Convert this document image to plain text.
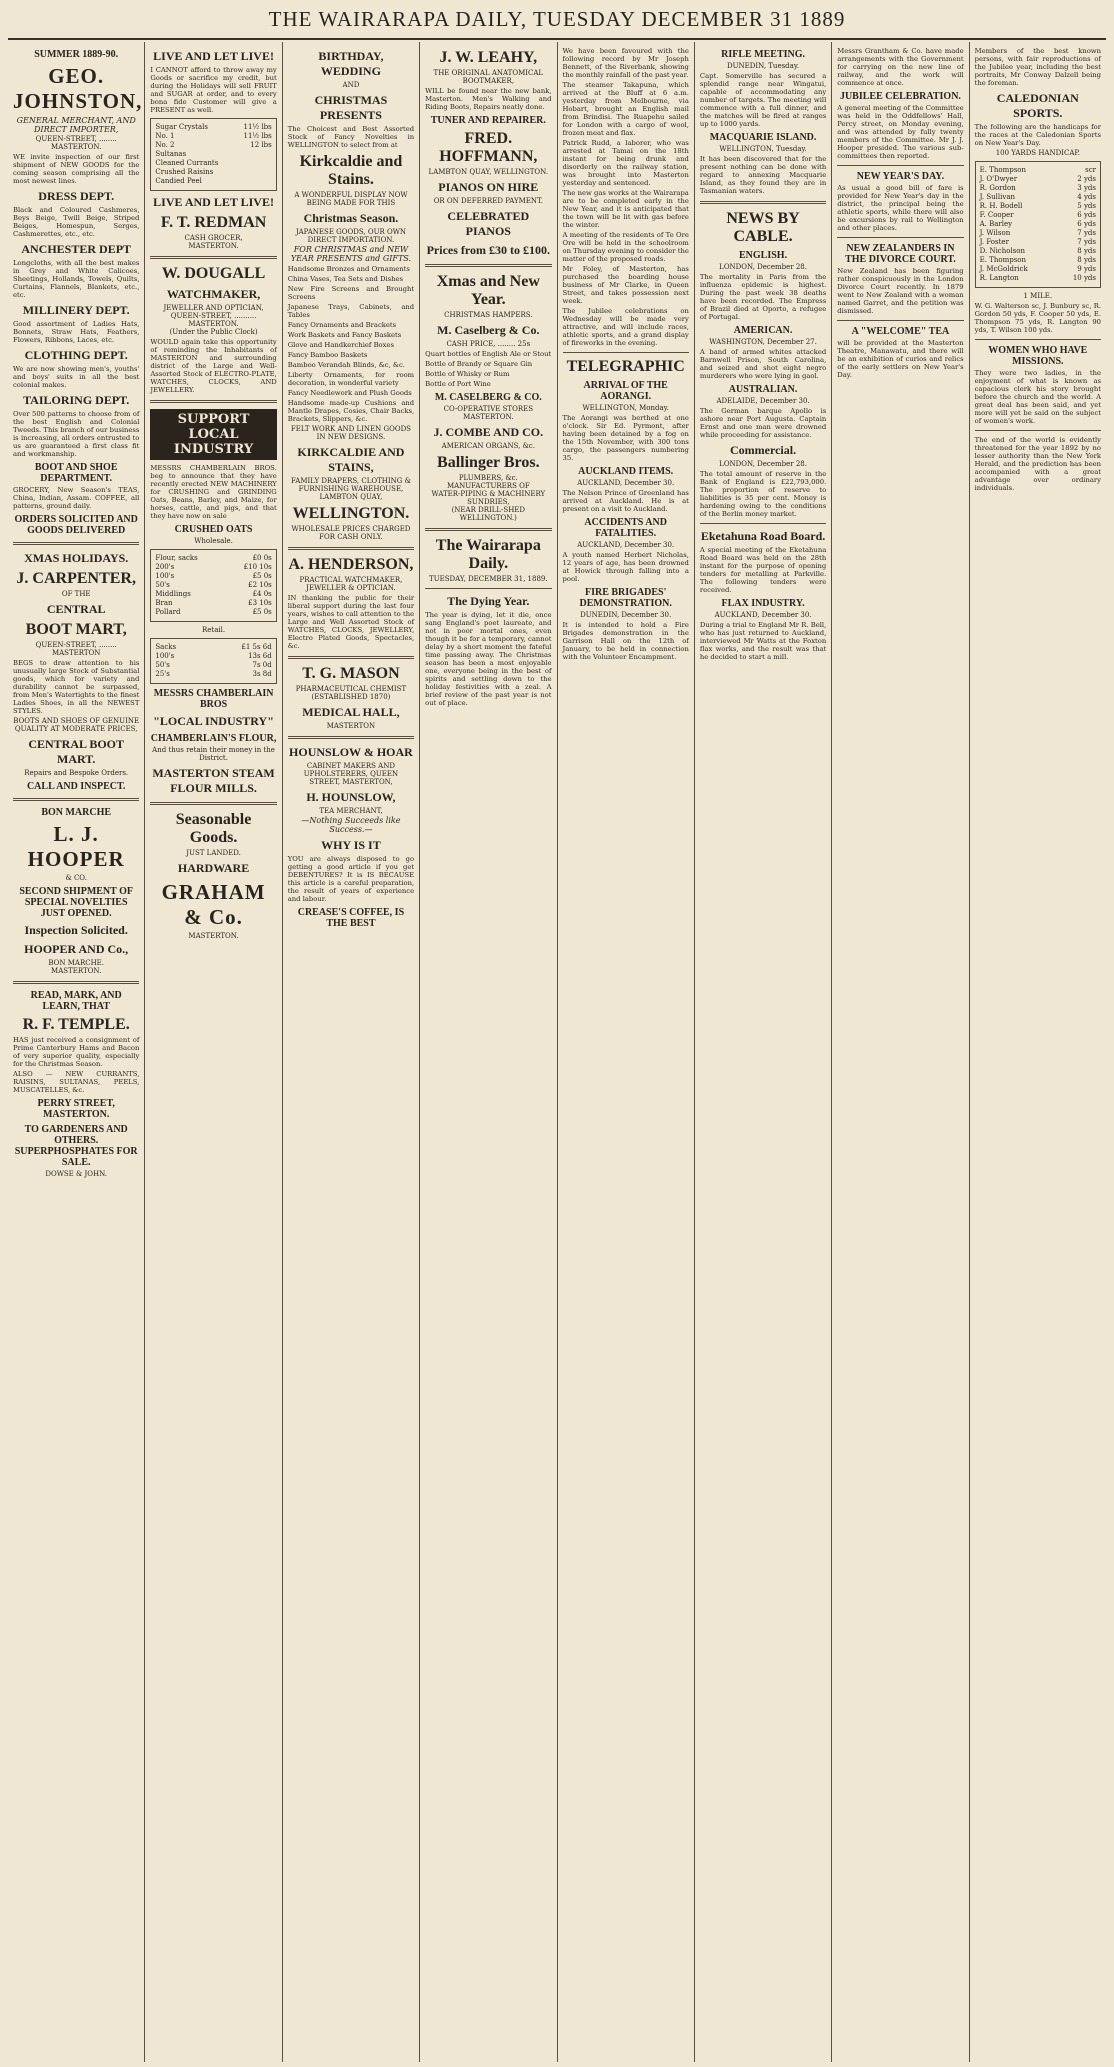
THE WAIRARAPA DAILY, TUESDAY DECEMBER 31 1889
SUMMER 1889-90.
GEO. JOHNSTON,
GENERAL MERCHANT, AND DIRECT IMPORTER,
QUEEN-STREET, ........ MASTERTON.
WE invite inspection of our first shipment of NEW GOODS for the coming season comprising all the most newest lines.
DRESS DEPT.
Black and Coloured Cashmeres, Beys Beige, Twill Beige, Striped Beiges, Homespun, Serges, Cashmerettes, etc., etc.
ANCHESTER DEPT
Longcloths, with all the best makes in Grey and White Calicoes, Sheetings, Hollands, Towels, Quilts, Curtains, Flannels, Blankets, etc., etc.
MILLINERY DEPT.
Good assortment of Ladies Hats, Bonnets, Straw Hats, Feathers, Flowers, Ribbons, Laces, etc.
CLOTHING DEPT.
We are now showing men's, youths' and boys' suits in all the best colonial makes.
TAILORING DEPT.
Over 500 patterns to choose from of the best English and Colonial Tweeds. This branch of our business is increasing, all orders entrusted to us are guaranteed a first class fit and workmanship.
BOOT AND SHOE DEPARTMENT.
GROCERY, New Season's TEAS, China, Indian, Assam. COFFEE, all patterns, ground daily.
ORDERS SOLICITED AND GOODS DELIVERED
XMAS HOLIDAYS.
J. CARPENTER,
OF THE
CENTRAL
BOOT MART,
QUEEN-STREET, ........ MASTERTON
BEGS to draw attention to his unusually large Stock of Substantial goods, which for variety and durability cannot be surpassed, from Men's Watertights to the finest Ladies Shoes, in all the NEWEST STYLES.
BOOTS AND SHOES OF GENUINE QUALITY AT MODERATE PRICES,
CENTRAL BOOT MART.
Repairs and Bespoke Orders.
CALL AND INSPECT.
BON MARCHE
L. J. HOOPER
& CO.
SECOND SHIPMENT OF SPECIAL NOVELTIES JUST OPENED.
Inspection Solicited.
HOOPER AND Co.,
BON MARCHE.
MASTERTON.
READ, MARK, AND LEARN, THAT
R. F. TEMPLE.
HAS just received a consignment of Prime Canterbury Hams and Bacon of very superior quality, especially for the Christmas Season.
ALSO — NEW CURRANTS, RAISINS, SULTANAS, PEELS, MUSCATELLES, &c.
PERRY STREET, MASTERTON.
TO GARDENERS AND OTHERS. SUPERPHOSPHATES FOR SALE.
DOWSE & JOHN.
LIVE AND LET LIVE!
I CANNOT afford to throw away my Goods or sacrifice my credit, but during the Holidays will sell FRUIT and SUGAR at order, and to every bona fide Customer will give a PRESENT as well.
Sugar Crystals	11½ lbs
No. 1	11½ lbs
No. 2	12 lbs
Sultanas
Cleaned Currants
Crushed Raisins
Candied Peel
LIVE AND LET LIVE!
F. T. REDMAN
CASH GROCER,
MASTERTON.
W. DOUGALL
WATCHMAKER,
JEWELLER AND OPTICIAN,
QUEEN-STREET, .......... MASTERTON.
(Under the Public Clock)
WOULD again take this opportunity of reminding the Inhabitants of MASTERTON and surrounding district of the Large and Well-Assorted Stock of ELECTRO-PLATE, WATCHES, CLOCKS, AND JEWELLERY.
SUPPORT LOCAL INDUSTRY
MESSRS CHAMBERLAIN BROS. beg to announce that they have recently erected NEW MACHINERY for CRUSHING and GRINDING Oats, Beans, Barley, and Maize, for horses, cattle, and pigs, and that they have now on sale
CRUSHED OATS
Wholesale.
Flour, sacks	£0 0s
200's	£10 10s
100's	£5 0s
50's	£2 10s
Middlings	£4 0s
Bran	£3 10s
Pollard	£5 0s
Retail.
Sacks	£1 5s 6d
100's	13s 6d
50's	7s 0d
25's	3s 8d
MESSRS CHAMBERLAIN BROS
"LOCAL INDUSTRY"
CHAMBERLAIN'S FLOUR,
And thus retain their money in the District.
MASTERTON STEAM FLOUR MILLS.
Seasonable Goods.
JUST LANDED.
HARDWARE
GRAHAM & Co.
MASTERTON.
BIRTHDAY, WEDDING
AND
CHRISTMAS PRESENTS
The Choicest and Best Assorted Stock of Fancy Novelties in WELLINGTON to select from at
Kirkcaldie and Stains.
A WONDERFUL DISPLAY NOW BEING MADE FOR THIS
Christmas Season.
JAPANESE GOODS, OUR OWN DIRECT IMPORTATION.
FOR CHRISTMAS and NEW YEAR PRESENTS and GIFTS.
Handsome Bronzes and Ornaments
China Vases, Tea Sets and Dishes
New Fire Screens and Brought Screens
Japanese Trays, Cabinets, and Tables
Fancy Ornaments and Brackets
Work Baskets and Fancy Baskets
Glove and Handkerchief Boxes
Fancy Bamboo Baskets
Bamboo Verandah Blinds, &c, &c.
Liberty Ornaments, for room decoration, in wonderful variety
Fancy Needlework and Plush Goods
Handsome made-up Cushions and Mantle Drapes, Cosies, Chair Backs, Brackets, Slippers, &c.
FELT WORK AND LINEN GOODS IN NEW DESIGNS.
KIRKCALDIE AND STAINS,
FAMILY DRAPERS, CLOTHING & FURNISHING WAREHOUSE,
LAMBTON QUAY,
WELLINGTON.
WHOLESALE PRICES CHARGED FOR CASH ONLY.
A. HENDERSON,
PRACTICAL WATCHMAKER, JEWELLER & OPTICIAN.
IN thanking the public for their liberal support during the last four years, wishes to call attention to the Large and Well Assorted Stock of WATCHES, CLOCKS, JEWELLERY, Electro Plated Goods, Spectacles, &c.
T. G. MASON
PHARMACEUTICAL CHEMIST
(ESTABLISHED 1870)
MEDICAL HALL,
MASTERTON
HOUNSLOW & HOAR
CABINET MAKERS AND UPHOLSTERERS, QUEEN STREET, MASTERTON,
H. HOUNSLOW,
TEA MERCHANT,
—Nothing Succeeds like Success.—
WHY IS IT
YOU are always disposed to go getting a good article if you get DEBENTURES? It is IS BECAUSE this article is a careful preparation, the result of years of experience and labour.
CREASE'S COFFEE, IS THE BEST
J. W. LEAHY,
THE ORIGINAL ANATOMICAL BOOTMAKER,
WILL be found near the new bank, Masterton. Men's Walking and Riding Boots, Repairs neatly done.
TUNER AND REPAIRER.
FRED. HOFFMANN,
LAMBTON QUAY, WELLINGTON.
PIANOS ON HIRE
OR ON DEFERRED PAYMENT.
CELEBRATED PIANOS
Prices from £30 to £100.
Xmas and New Year.
CHRISTMAS HAMPERS.
M. Caselberg & Co.
CASH PRICE, ........ 25s
Quart bottles of English Ale or Stout
Bottle of Brandy or Square Gin
Bottle of Whisky or Rum
Bottle of Port Wine
M. CASELBERG & CO.
CO-OPERATIVE STORES
MASTERTON.
J. COMBE AND CO.
AMERICAN ORGANS, &c.
Ballinger Bros.
PLUMBERS, &c.
MANUFACTURERS OF
WATER-PIPING & MACHINERY SUNDRIES,
(NEAR DRILL-SHED WELLINGTON.)
The Wairarapa Daily.
TUESDAY, DECEMBER 31, 1889.
The Dying Year.
The year is dying, let it die, once sang England's poet laureate, and not in poor mortal ones, even though it be for a temporary, cannot delay by a short moment the fateful time passing away. The Christmas season has been a most enjoyable one, everyone being in the best of spirits and settling down to the holiday festivities with a zeal. A brief review of the past year is not out of place.
We have been favoured with the following record by Mr Joseph Bennett, of the Riverbank, showing the monthly rainfall of the past year.
The steamer Takapuna, which arrived at the Bluff at 6 a.m. yesterday from Melbourne, via Hobart, brought an English mail from Brindisi. The Ruapehu sailed for London with a cargo of wool, frozen meat and flax.
Patrick Rudd, a laborer, who was arrested at Tamai on the 18th instant for being drunk and disorderly on the railway station, was brought into Masterton yesterday and sentenced.
The new gas works at the Wairarapa are to be completed early in the New Year, and it is anticipated that the town will be lit with gas before the winter.
A meeting of the residents of Te Ore Ore will be held in the schoolroom on Thursday evening to consider the matter of the proposed roads.
Mr Foley, of Masterton, has purchased the boarding house business of Mr Clarke, in Queen Street, and takes possession next week.
The Jubilee celebrations on Wednesday will be made very attractive, and will include races, athletic sports, and a grand display of fireworks in the evening.
TELEGRAPHIC
ARRIVAL OF THE AORANGI.
WELLINGTON, Monday.
The Aorangi was berthed at one o'clock. Sir Ed. Pyrmont, after having been detained by a fog on the 15th November, with 300 tons cargo, the passengers numbering 35.
AUCKLAND ITEMS.
AUCKLAND, December 30.
The Nelson Prince of Greenland has arrived at Auckland. He is at present on a visit to Auckland.
ACCIDENTS AND FATALITIES.
AUCKLAND, December 30.
A youth named Herbert Nicholas, 12 years of age, has been drowned at Howick through falling into a pool.
FIRE BRIGADES' DEMONSTRATION.
DUNEDIN, December 30.
It is intended to hold a Fire Brigades demonstration in the Garrison Hall on the 12th of January, to be held in connection with the Volunteer Encampment.
RIFLE MEETING.
DUNEDIN, Tuesday.
Capt. Somerville has secured a splendid range near Wingatui, capable of accommodating any number of targets. The meeting will commence with a full dinner, and the matches will be fired at ranges up to 1000 yards.
MACQUARIE ISLAND.
WELLINGTON, Tuesday.
It has been discovered that for the present nothing can be done with regard to annexing Macquarie Island, as they found they are in Tasmanian waters.
NEWS BY CABLE.
ENGLISH.
LONDON, December 28.
The mortality in Paris from the influenza epidemic is highest. During the past week 38 deaths have been recorded. The Empress of Brazil died at Oporto, a refugee of Portugal.
AMERICAN.
WASHINGTON, December 27.
A band of armed whites attacked Barnwell Prison, South Carolina, and seized and shot eight negro murderers who were lying in gaol.
AUSTRALIAN.
ADELAIDE, December 30.
The German barque Apollo is ashore near Port Augusta. Captain Ernst and one man were drowned while proceeding for assistance.
Commercial.
LONDON, December 28.
The total amount of reserve in the Bank of England is £22,793,000. The proportion of reserve to liabilities is 35 per cent. Money is hardening owing to the conditions of the Berlin money market.
Eketahuna Road Board.
A special meeting of the Eketahuna Road Board was held on the 28th instant for the purpose of opening tenders for metalling at Parkville. The following tenders were received.
FLAX INDUSTRY.
AUCKLAND, December 30.
During a trial to England Mr R. Bell, who has just returned to Auckland, interviewed Mr Watts at the Foxton flax works, and the result was that he decided to start a mill.
Messrs Grantham & Co. have made arrangements with the Government for carrying on the new line of railway, and the work will commence at once.
JUBILEE CELEBRATION.
A general meeting of the Committee was held in the Oddfellows' Hall, Percy street, on Monday evening, and was attended by fully twenty members of the Committee. Mr J. J. Hooper presided. The various sub-committees then reported.
NEW YEAR'S DAY.
As usual a good bill of fare is provided for New Year's day in the district, the principal being the athletic sports, while there will also be excursions by rail to Wellington and other places.
NEW ZEALANDERS IN THE DIVORCE COURT.
New Zealand has been figuring rather conspicuously in the London Divorce Court recently. In 1879 went to New Zealand with a woman named Garret, and the petition was dismissed.
A "WELCOME" TEA
will be provided at the Masterton Theatre, Manawatu, and there will be an exhibition of curios and relics of the early settlers on New Year's Day.
Members of the best known persons, with fair reproductions of the Jubilee year, including the best portraits, Mr Conway Dalzell being the foreman.
CALEDONIAN SPORTS.
The following are the handicaps for the races at the Caledonian Sports on New Year's Day.
100 YARDS HANDICAP.
E. Thompson	scr
J. O'Dwyer	2 yds
R. Gordon	3 yds
J. Sullivan	4 yds
R. H. Bodell	5 yds
F. Cooper	6 yds
A. Barley	6 yds
J. Wilson	7 yds
J. Foster	7 yds
D. Nicholson	8 yds
E. Thompson	8 yds
J. McGoldrick	9 yds
R. Langton	10 yds
1 MILE.
W. G. Walterson sc, J. Bunbury sc, R. Gordon 50 yds, F. Cooper 50 yds, E. Thompson 75 yds, R. Langton 90 yds, T. Wilson 100 yds.
WOMEN WHO HAVE MISSIONS.
They were two ladies, in the enjoyment of what is known as capacious clerk his story brought before the church and the world. A great deal has been said, and yet more will yet be said on the subject of women's work.
The end of the world is evidently threatened for the year 1892 by no lesser authority than the New York Herald, and the prediction has been accompanied with a great advantage over ordinary individuals.
